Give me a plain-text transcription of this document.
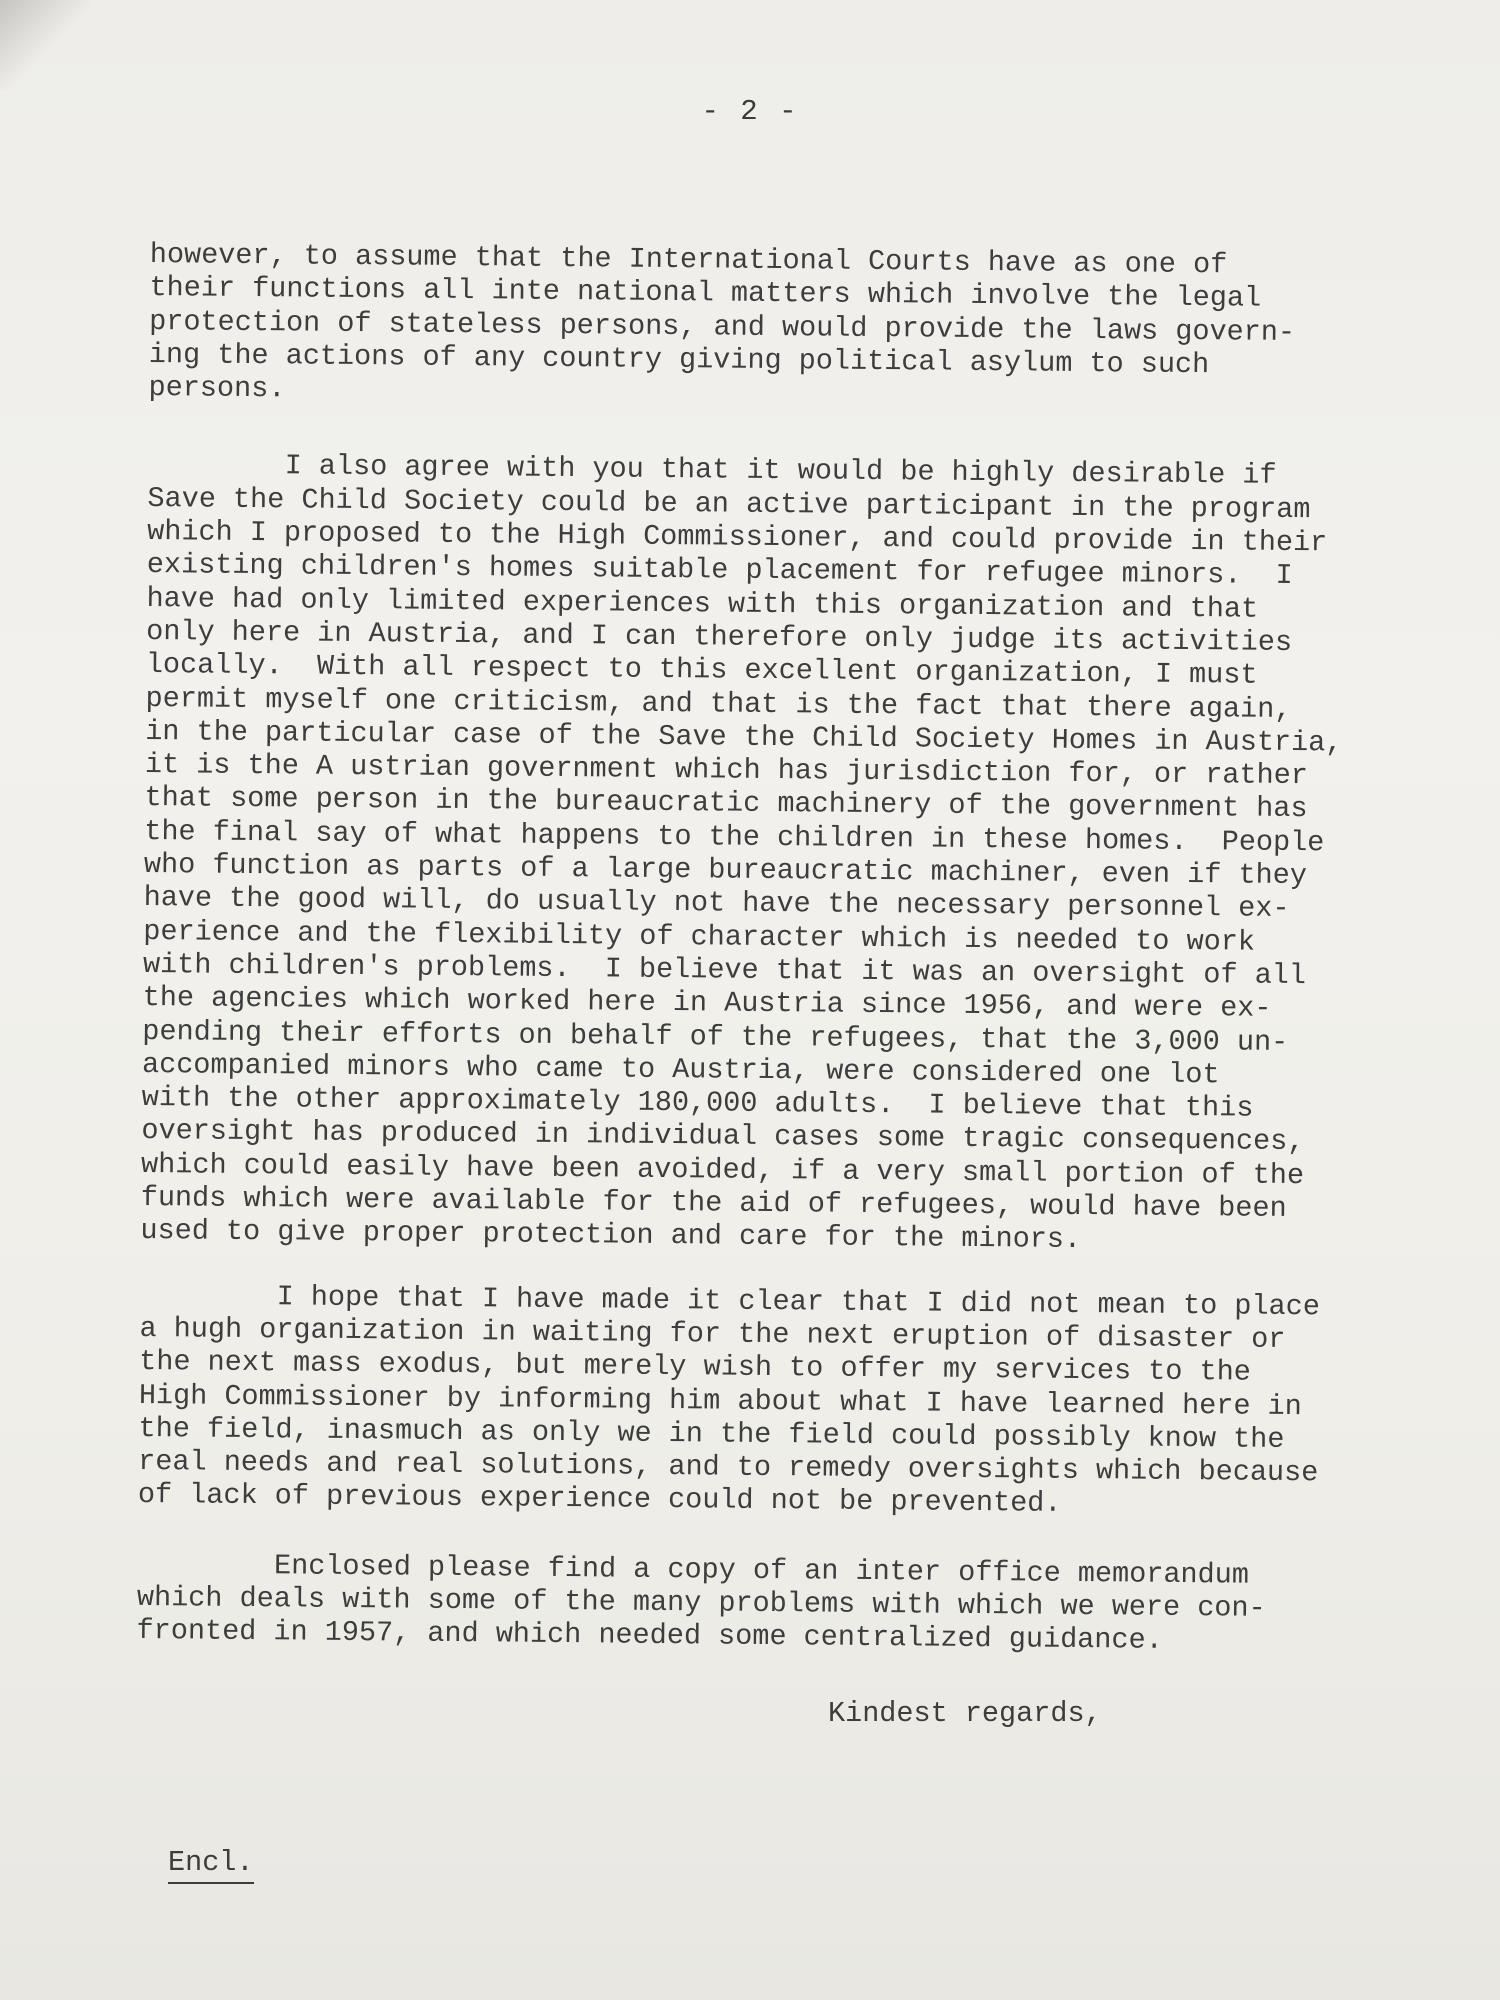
- 2 -

however, to assume that the International Courts have as one of
their functions all inte national matters which involve the legal
protection of stateless persons, and would provide the laws govern-
ing the actions of any country giving political asylum to such
persons.

I also agree with you that it would be highly desirable if
Save the Child Society could be an active participant in the program
which I proposed to the High Commissioner, and could provide in their
existing children's homes suitable placement for refugee minors.  I
have had only limited experiences with this organization and that
only here in Austria, and I can therefore only judge its activities
locally.  With all respect to this excellent organization, I must
permit myself one criticism, and that is the fact that there again,
in the particular case of the Save the Child Society Homes in Austria,
it is the A ustrian government which has jurisdiction for, or rather
that some person in the bureaucratic machinery of the government has
the final say of what happens to the children in these homes.  People
who function as parts of a large bureaucratic machiner, even if they
have the good will, do usually not have the necessary personnel ex-
perience and the flexibility of character which is needed to work
with children's problems.  I believe that it was an oversight of all
the agencies which worked here in Austria since 1956, and were ex-
pending their efforts on behalf of the refugees, that the 3,000 un-
accompanied minors who came to Austria, were considered one lot
with the other approximately 180,000 adults.  I believe that this
oversight has produced in individual cases some tragic consequences,
which could easily have been avoided, if a very small portion of the
funds which were available for the aid of refugees, would have been
used to give proper protection and care for the minors.

I hope that I have made it clear that I did not mean to place
a hugh organization in waiting for the next eruption of disaster or
the next mass exodus, but merely wish to offer my services to the
High Commissioner by informing him about what I have learned here in
the field, inasmuch as only we in the field could possibly know the
real needs and real solutions, and to remedy oversights which because
of lack of previous experience could not be prevented.

Enclosed please find a copy of an inter office memorandum
which deals with some of the many problems with which we were con-
fronted in 1957, and which needed some centralized guidance.

Kindest regards,
Encl.
